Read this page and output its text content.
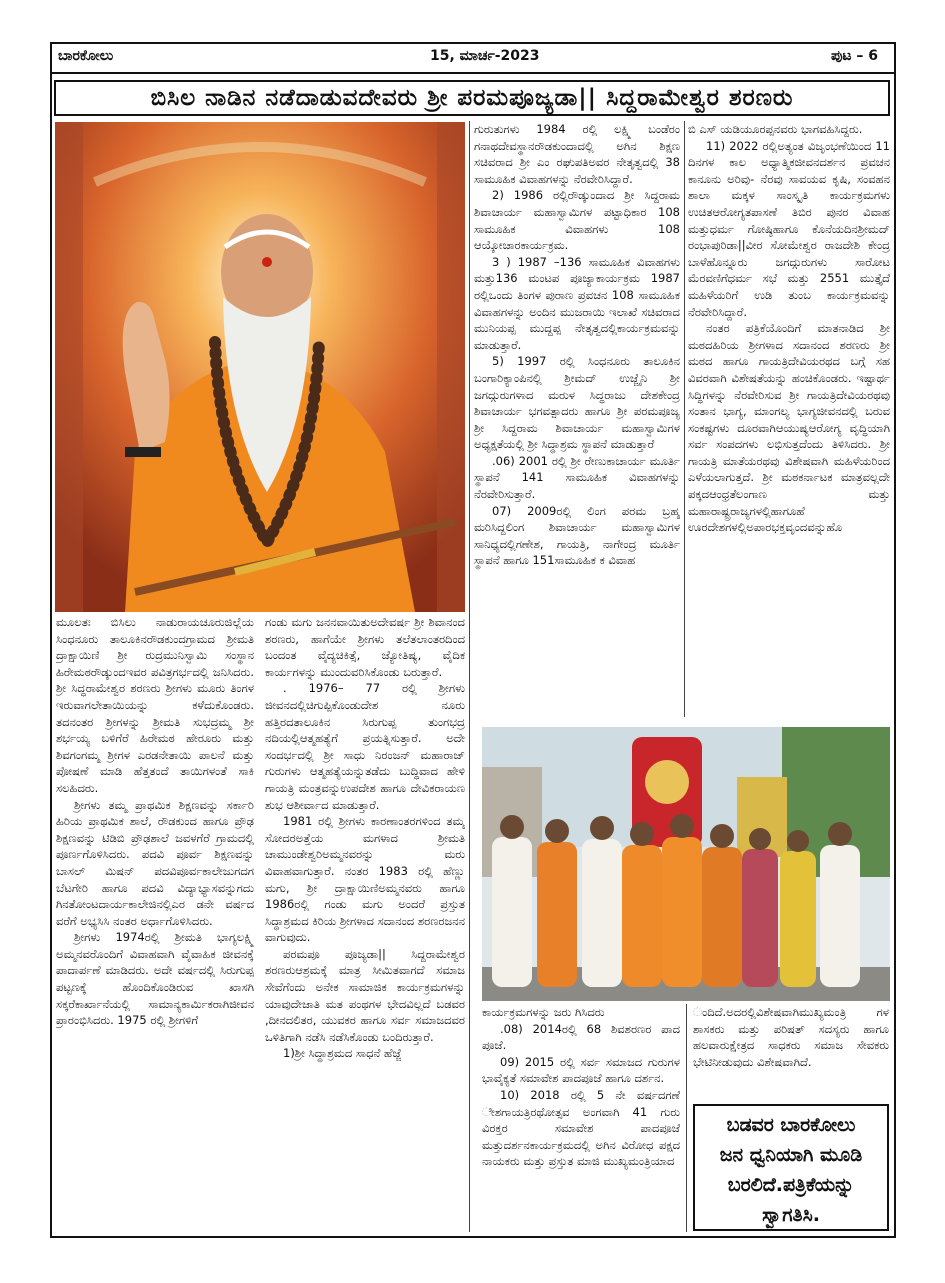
ಬಾರಕೋಲು	15, ಮಾರ್ಚ-2023	ಪುಟ – 6
ಬಿಸಿಲ ನಾಡಿನ ನಡೆದಾಡುವದೇವರು ಶ್ರೀ ಪರಮಪೂಜ್ಯಡಾ|| ಸಿದ್ದರಾಮೇಶ್ವರ ಶರಣರು

ಮೂಲತಃ ಬಿಸಿಲು ನಾಡುರಾಯಚೂರುಜಿಲ್ಲೆಯ ಸಿಂಧನೂರು ತಾಲೂಕಿನರೌಡಕುಂದಗ್ರಾಮದ ಶ್ರೀಮತಿ ದ್ರಾಕ್ಷಾಯಿಣಿ ಶ್ರೀ ರುದ್ರಮುನಿಸ್ವಾಮಿ ಸಂಸ್ಥಾನ ಹಿರೇಮಠರೌಡ್ಕುಂದಇವರ ಪವಿತ್ರಗರ್ಭದಲ್ಲಿ ಜನಿಸಿದರು. ಶ್ರೀ ಸಿದ್ಧರಾಮೇಶ್ವರ ಶರಣರು ಶ್ರೀಗಳು ಮೂರು ತಿಂಗಳ ಇರುವಾಗಲೇತಾಯಿಯನ್ನು ಕಳೆದುಕೊಂಡರು. ತದನಂತರ ಶ್ರೀಗಳನ್ನು ಶ್ರೀಮತಿ ಸುಭದ್ರಮ್ಮ ಶ್ರೀ ಶರ್ಭಯ್ಯ ಬಳಿಗೆರೆ ಹಿರೇಮಠ ಹೇರೂರು ಮತ್ತು ಶಿವಗಂಗಮ್ಮ ಶ್ರೀಗಳ ಎರಡನೇತಾಯಿ ಪಾಲನೆ ಮತ್ತು ಪೋಷಣೆ ಮಾಡಿ ಹೆತ್ತತಂದೆ ತಾಯಿಗಳಂತೆ ಸಾಕಿ ಸಲಹಿದರು.

ಶ್ರೀಗಳು ತಮ್ಮ ಪ್ರಾಥಮಿಕ ಶಿಕ್ಷಣವನ್ನು ಸರ್ಕಾರಿ ಹಿರಿಯ ಪ್ರಾಥಮಿಕ ಶಾಲೆ, ರೌಡಕುಂದ ಹಾಗೂ ಪ್ರೌಢ ಶಿಕ್ಷಣವನ್ನು ಟಿಡಿಬಿ ಪ್ರೌಢಶಾಲೆ ಜವಳಗೆರೆ ಗ್ರಾಮದಲ್ಲಿ ಪೂರ್ಣಗೊಳಿಸಿದರು. ಪದವಿ ಪೂರ್ವ ಶಿಕ್ಷಣವನ್ನು ಬಾಸಲ್ ಮಿಷನ್ ಪದವಿಪೂರ್ವಕಾಲೇಜುಗದಗ ಬೆಟಗೇರಿ ಹಾಗೂ ಪದವಿ ವಿದ್ಯಾಭ್ಯಾಸವನ್ನುಗದು ಗಿನತೋಂಟದಾರ್ಯಕಾಲೇಜಿನಲ್ಲಿಎರ ಡನೇ ವರ್ಷದ ವರೆಗೆ ಅಭ್ಯಸಿಸಿ ನಂತರ ಅರ್ಧಾಗೊಳಿಸಿದರು.

ಶ್ರೀಗಳು 1974ರಲ್ಲಿ ಶ್ರೀಮತಿ ಭಾಗ್ಯಲಕ್ಷ್ಮಿ ಅಮ್ಮನವರೊಂದಿಗೆ ವಿವಾಹವಾಗಿ ವೈವಾಹಿಕ ಜೀವನಕ್ಕೆ ಪಾದಾರ್ಪಣೆ ಮಾಡಿದರು. ಅದೇ ವರ್ಷದಲ್ಲಿ ಸಿರುಗುಪ್ಪ ಪಟ್ಟಣಕ್ಕೆ ಹೊಂದಿಕೊಂಡಿರುವ ಖಾಸಗಿ ಸಕ್ಕರೆಕಾರ್ಖಾನೆಯಲ್ಲಿ ಸಾಮಾನ್ಯಕಾರ್ಮಿಕರಾಗಿಜೀವನ ಪ್ರಾರಂಭಿಸಿದರು. 1975 ರಲ್ಲಿ ಶ್ರೀಗಳಿಗೆ

ಗಂಡು ಮಗು ಜನನವಾಯಿತುಅದೇವರ್ಷ ಶ್ರೀ ಶಿವಾನಂದ ಶರಣರು, ಹಾಗೆಯೇ ಶ್ರೀಗಳು ತಲೆತಲಾಂತರದಿಂದ ಬಂದಂತ ವೈದ್ಯಚಿಕಿತ್ಸೆ, ಜ್ಯೋತಿಷ್ಯ, ವೈದಿಕ ಕಾರ್ಯಗಳನ್ನು ಮುಂದುವರಿಸಿಕೊಂಡು ಬರುತ್ತಾರೆ.

. 1976– 77 ರಲ್ಲಿ ಶ್ರೀಗಳು ಜೀವನದಲ್ಲಿಚಿಗುಪ್ಪಿಕೊಂಡುದೇಶ ನೂರು ಹತ್ತಿರದತಾಲೂಕಿನ ಸಿರುಗುಪ್ಪ ತುಂಗಭದ್ರ ನದಿಯಲ್ಲಿಆತ್ಮಹತ್ಯೆಗೆ ಪ್ರಯತ್ನಿಸುತ್ತಾರೆ. ಅದೇ ಸಂದರ್ಭದಲ್ಲಿ ಶ್ರೀ ಸಾಧು ನಿರಂಜನ್ ಮಹಾರಾಜ್ ಗುರುಗಳು ಆತ್ಮಹತ್ಯೆಯನ್ನುತಡೆದು ಬುದ್ಧಿವಾದ ಹೇಳಿ ಗಾಯತ್ರಿ ಮಂತ್ರವನ್ನುಉಪದೇಶ ಹಾಗೂ ದೇವಿಕರಾಯಣ ಶುಭ ಆಶೀರ್ವಾದ ಮಾಡುತ್ತಾರೆ.

1981 ರಲ್ಲಿ ಶ್ರೀಗಳು ಕಾರಣಾಂತರಗಳಿಂದ ತಮ್ಮ ಸೋದರಅತ್ತೆಯ ಮಗಳಾದ ಶ್ರೀಮತಿ ಚಾಮುಂಡೇಶ್ವರಿಅಮ್ಮನವರನ್ನು ಮರು ವಿವಾಹವಾಗುತ್ತಾರೆ. ನಂತರ 1983 ರಲ್ಲಿ ಹೆಣ್ಣು ಮಗು, ಶ್ರೀ ದ್ರಾಕ್ಷಾಯಿಣಿಅಮ್ಮನವರು ಹಾಗೂ 1986ರಲ್ಲಿ ಗಂಡು ಮಗು ಅಂದರೆ ಪ್ರಸ್ತುತ ಸಿದ್ಧಾಶ್ರಮದ ಕಿರಿಯ ಶ್ರೀಗಳಾದ ಸದಾನಂದ ಶರಣರಜನನ ವಾಗುವುದು.

ಪರಮಪೂ ಪೂಜ್ಯಡಾ|| ಸಿದ್ದರಾಮೇಶ್ವರ ಶರಣರುಆಶ್ರಮಕ್ಕೆ ಮಾತ್ರ ಸೀಮಿತವಾಗದೆ ಸಮಾಜ ಸೇವೆಗೆಂದು ಅನೇಕ ಸಾಮಾಜಿಕ ಕಾರ್ಯಕ್ರಮಗಳನ್ನು ಯಾವುದೇಜಾತಿ ಮತ ಪಂಥಗಳ ಭೇದವಿಲ್ಲದೆ ಬಡವರ ,ದೀನದಲಿತರ, ಯುವಕರ ಹಾಗೂ ಸರ್ವ ಸಮಾಜದವರ ಒಳಿತಿಗಾಗಿ ನಡೆಸಿ ನಡೆಸಿಕೊಂಡು ಬಂದಿರುತ್ತಾರೆ.

1)ಶ್ರೀ ಸಿದ್ಧಾಶ್ರಮದ ಸಾಧನೆ ಹೆಜ್ಜೆ

ಗುರುತುಗಳು 1984 ರಲ್ಲಿ ಲಕ್ಷ್ಮಿ ಬಂಡೆರಂ ಗನಾಥದೇವಸ್ಥಾನರೌಡಕುಂದಾದಲ್ಲಿ ಅಗಿನ ಶಿಕ್ಷಣ ಸಚಿವರಾದ ಶ್ರೀ ಎಂ ರಘುಪತಿಅವರ ನೇತೃತ್ವದಲ್ಲಿ 38 ಸಾಮೂಹಿಕ ವಿವಾಹಗಳನ್ನು ನೆರವೇರಿಸಿದ್ದಾರೆ.

2) 1986 ರಲ್ಲಿರೌಡ್ಕುಂದಾದ ಶ್ರೀ ಸಿದ್ದರಾಮ ಶಿವಾಚಾರ್ಯ ಮಹಾಸ್ವಾಮಿಗಳ ಪಟ್ಟಾಧಿಕಾರ 108 ಸಾಮೂಹಿಕ ವಿವಾಹಗಳು 108 ಆಯ್ಕೋಚಾರಕಾರ್ಯಕ್ರಮ.

3 ) 1987 –136 ಸಾಮೂಹಿಕ ವಿವಾಹಗಳು ಮತ್ತು136 ಮಂಟಪ ಪೂಜ್ಯಾಕಾರ್ಯಕ್ರಮ 1987 ರಲ್ಲಿಒಂದು ತಿಂಗಳ ಪುರಾಣ ಪ್ರವಚನ 108 ಸಾಮೂಹಿಕ ವಿವಾಹಗಳನ್ನು ಅಂದಿನ ಮುಜರಾಯಿ ಇಲಾಖೆ ಸಚಿವರಾದ ಮುನಿಯಪ್ಪ ಮುದ್ದಪ್ಪ ನೇತೃತ್ವದಲ್ಲಿಕಾರ್ಯಕ್ರಮವನ್ನು ಮಾಡುತ್ತಾರೆ.

5) 1997 ರಲ್ಲಿ ಸಿಂಧನೂರು ತಾಲೂಕಿನ ಬಂಗಾರಿಕ್ಯಾಂಪಿನಲ್ಲಿ ಶ್ರೀಮದ್ ಉಜ್ಜೈನಿ ಶ್ರೀ ಜಗದ್ಗುರುಗಳಾದ ಮರುಳ ಸಿದ್ಧರಾಜು ದೇಶಕೇಂದ್ರ ಶಿವಾಚಾರ್ಯ ಭಗವತ್ಪಾದರು ಹಾಗೂ ಶ್ರೀ ಪರಮಪೂಜ್ಯ ಶ್ರೀ ಸಿದ್ದರಾಮ ಶಿವಾಚಾರ್ಯ ಮಹಾಸ್ವಾಮಿಗಳ ಅಧ್ಯಕ್ಷತೆಯಲ್ಲಿ ಶ್ರೀ ಸಿದ್ಧಾಶ್ರಮ ಸ್ಥಾಪನೆ ಮಾಡುತ್ತಾರೆ

.06) 2001 ರಲ್ಲಿ ಶ್ರೀ ರೇಣುಕಾಚಾರ್ಯ ಮೂರ್ತಿ ಸ್ಥಾಪನೆ 141 ಸಾಮೂಹಿಕ ವಿವಾಹಗಳನ್ನು ನೆರವೇರಿಸುತ್ತಾರೆ.

07) 2009ರಲ್ಲಿ ಲಿಂಗ ಪರಮ ಬ್ರಹ್ಮ ಮರಿಸಿದ್ದಲಿಂಗ ಶಿವಾಚಾರ್ಯ ಮಹಾಸ್ವಾಮಿಗಳ ಸಾನಿಧ್ಯದಲ್ಲಿಗಣೇಶ, ಗಾಯತ್ರಿ, ನಾಗೇಂದ್ರ ಮೂರ್ತಿ ಸ್ಥಾಪನೆ ಹಾಗೂ 151ಸಾಮೂಹಿಕ ಕ ವಿವಾಹ

ಬಿ ಎಸ್ ಯಡಿಯೂರಪ್ಪನವರು ಭಾಗವಹಿಸಿದ್ದರು.

11) 2022 ರಲ್ಲಿಅತ್ಯಂತ ವಿಜೃಂಭಣೆಯಿಂದ 11 ದಿನಗಳ ಕಾಲ ಅಧ್ಯಾತ್ಮಿಕಜೀವನದರ್ಶನ ಪ್ರವಚನ ಕಾನೂನು ಅರಿವು- ನೆರವು ಸಾವಯವ ಕೃಷಿ, ಸಂವಹನ ಶಾಲಾ ಮಕ್ಕಳ ಸಾಂಸ್ಕೃತಿ ಕಾರ್ಯಕ್ರಮಗಳು ಉಚಿತಆರೋಗ್ಯತಪಾಸಣೆ ತಿಬಿರ ಪುನರ ವಿವಾಹ ಮತ್ತುಧರ್ಮ ಗೋಷ್ಠಿಹಾಗೂ ಕೊನೆಯದಿನಶ್ರೀಮದ್ ರಂಭಾಪುರಿಡಾ||ವೀರ ಸೋಮೇಶ್ವರ ರಾಜದೇಶಿ ಕೇಂದ್ರ ಬಾಳೆಹೊನ್ನೂರು ಜಗದ್ಗುರುಗಳು ಸಾರೋಟ ಮೆರವಣಿಗೆಧರ್ಮ ಸಭೆ ಮತ್ತು 2551 ಮುತ್ತೈದೆ ಮಹಿಳೆಯರಿಗೆ ಉಡಿ ತುಂಬ ಕಾರ್ಯಕ್ರಮವನ್ನು ನೆರವೇರಿಸಿದ್ದಾರೆ.

ನಂತರ ಪತ್ರಿಕೆಯೊಂದಿಗೆ ಮಾತನಾಡಿದ ಶ್ರೀ ಮಠದಹಿರಿಯ ಶ್ರೀಗಳಾದ ಸದಾನಂದ ಶರಣರು ಶ್ರೀ ಮಠದ ಹಾಗೂ ಗಾಯತ್ರಿದೇವಿಯರಥದ ಬಗ್ಗೆ ಸಹ ವಿವರವಾಗಿ ವಿಶೇಷತೆಯನ್ನು ಹಂಚಿಕೊಂಡರು. ಇಷ್ಟಾರ್ಥ ಸಿದ್ಧಿಗಳನ್ನು ನೆರವೇರಿಸುವ ಶ್ರೀ ಗಾಯತ್ರಿದೇವಿಯರಥವು ಸಂತಾನ ಭಾಗ್ಯ, ಮಾಂಗಲ್ಯ ಭಾಗ್ಯಜೀವನದಲ್ಲಿ ಬರುವ ಸಂಕಷ್ಟಗಳು ದೂರವಾಗಿಆಯುಷ್ಯಆರೋಗ್ಯ ವೃದ್ಧಿಯಾಗಿ ಸರ್ವ ಸಂಪದಗಳು ಲಭಿಸುತ್ತದೆಂದು ತಿಳಿಸಿದರು. ಶ್ರೀ ಗಾಯತ್ರಿ ಮಾತೆಯರಥವು ವಿಶೇಷವಾಗಿ ಮಹಿಳೆಯರಿಂದ ಎಳೆಯಲಾಗುತ್ತದೆ. ಶ್ರೀ ಮಠಕರ್ನಾಟಕ ಮಾತ್ರವಲ್ಲದೇ ಪಕ್ಕದಆಂಧ್ರತೆಲಂಗಾಣ ಮತ್ತು ಮಹಾರಾಷ್ಟ್ರರಾಜ್ಯಗಳಲ್ಲಿಹಾಗೂಹೆ ಊರದೇಶಗಳಲ್ಲಿಅಪಾರಭಕ್ತವೃಂದವನ್ನುಹೊ

ಕಾರ್ಯಕ್ರಮಗಳನ್ನು ಜರು ಗಿಸಿದರು

.08) 2014ರಲ್ಲಿ 68 ಶಿವಶರಣರ ಪಾದ ಪೂಜೆ.

09) 2015 ರಲ್ಲಿ ಸರ್ವ ಸಮಾಜದ ಗುರುಗಳ ಭಾವೈಕ್ಯತೆ ಸಮಾವೇಶ ಪಾದಪೂಜೆ ಹಾಗೂ ದರ್ಶನ.

10) 2018 ರಲ್ಲಿ 5 ನೇ ವರ್ಷದಗಣೆ ೇಶಗಾಯತ್ರಿರಥೋತ್ಸವ ಅಂಗವಾಗಿ 41 ಗುರು ವಿರಕ್ತರ ಸಮಾವೇಶ ಪಾದಪೂಜೆ ಮತ್ತುದರ್ಶನಕಾರ್ಯಕ್ರಮದಲ್ಲಿ ಅಗಿನ ವಿರೋಧ ಪಕ್ಷದ ನಾಯಕರು ಮತ್ತು ಪ್ರಸ್ತುತ ಮಾಜಿ ಮುಖ್ಯಮಂತ್ರಿಯಾದ

ಂದಿದೆ.ಅದರಲ್ಲಿವಿಶೇಷವಾಗಿಮುಖ್ಯಮಂತ್ರಿ ಗಳ ಶಾಸಕರು ಮತ್ತು ಪರಿಷತ್ ಸದಸ್ಯರು ಹಾಗೂ ಹಲವಾರುಕ್ಷೇತ್ರದ ಸಾಧಕರು ಸಮಾಜ ಸೇವಕರು ಭೇಟಿನೀಡುವುದು ವಿಶೇಷವಾಗಿದೆ.

ಬಡವರ ಬಾರಕೋಲು
ಜನ ಧ್ವನಿಯಾಗಿ ಮೂಡಿ
ಬರಲಿದೆ.ಪತ್ರಿಕೆಯನ್ನು
ಸ್ವಾಗತಿಸಿ.
